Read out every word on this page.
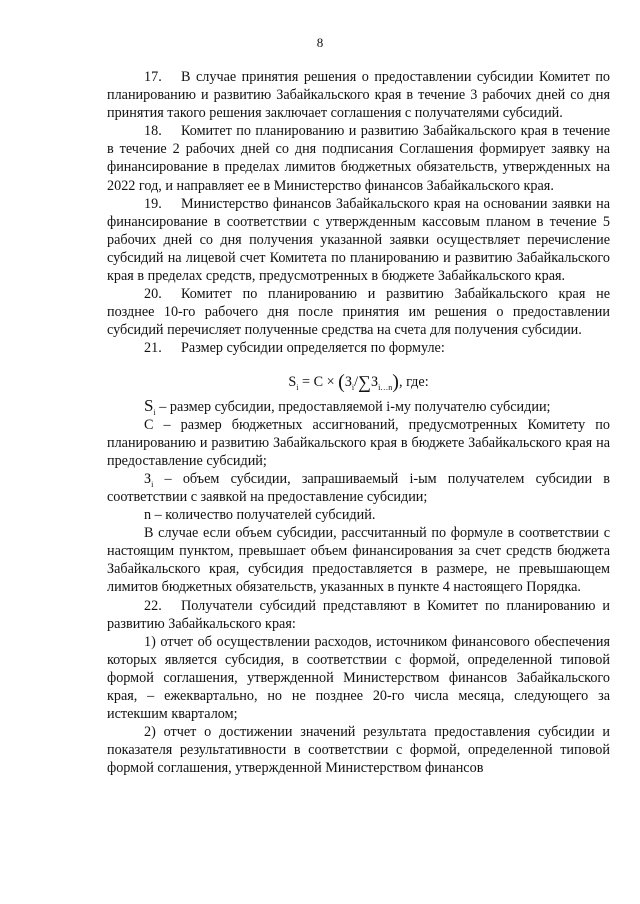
8

17. В случае принятия решения о предоставлении субсидии Комитет по планированию и развитию Забайкальского края в течение 3 рабочих дней со дня принятия такого решения заключает соглашения с получателями субсидий.

18. Комитет по планированию и развитию Забайкальского края в течение в течение 2 рабочих дней со дня подписания Соглашения формирует заявку на финансирование в пределах лимитов бюджетных обязательств, утвержденных на 2022 год, и направляет ее в Министерство финансов Забайкальского края.

19. Министерство финансов Забайкальского края на основании заявки на финансирование в соответствии с утвержденным кассовым планом в течение 5 рабочих дней со дня получения указанной заявки осуществляет перечисление субсидий на лицевой счет Комитета по планированию и развитию Забайкальского края в пределах средств, предусмотренных в бюджете Забайкальского края.

20. Комитет по планированию и развитию Забайкальского края не позднее 10-го рабочего дня после принятия им решения о предоставлении субсидий перечисляет полученные средства на счета для получения субсидии.

21. Размер субсидии определяется по формуле:

$S_i = C \times (З_i/\sum З_{i\dots n})$, где:

$S_i$ – размер субсидии, предоставляемой i-му получателю субсидии;

С – размер бюджетных ассигнований, предусмотренных Комитету по планированию и развитию Забайкальского края в бюджете Забайкальского края на предоставление субсидий;

$З_i$ – объем субсидии, запрашиваемый i-ым получателем субсидии в соответствии с заявкой на предоставление субсидии;

n – количество получателей субсидий.

В случае если объем субсидии, рассчитанный по формуле в соответствии с настоящим пунктом, превышает объем финансирования за счет средств бюджета Забайкальского края, субсидия предоставляется в размере, не превышающем лимитов бюджетных обязательств, указанных в пункте 4 настоящего Порядка.

22. Получатели субсидий представляют в Комитет по планированию и развитию Забайкальского края:

1) отчет об осуществлении расходов, источником финансового обеспечения которых является субсидия, в соответствии с формой, определенной типовой формой соглашения, утвержденной Министерством финансов Забайкальского края, – ежеквартально, но не позднее 20-го числа месяца, следующего за истекшим кварталом;

2) отчет о достижении значений результата предоставления субсидии и показателя результативности в соответствии с формой, определенной типовой формой соглашения, утвержденной Министерством финансов
